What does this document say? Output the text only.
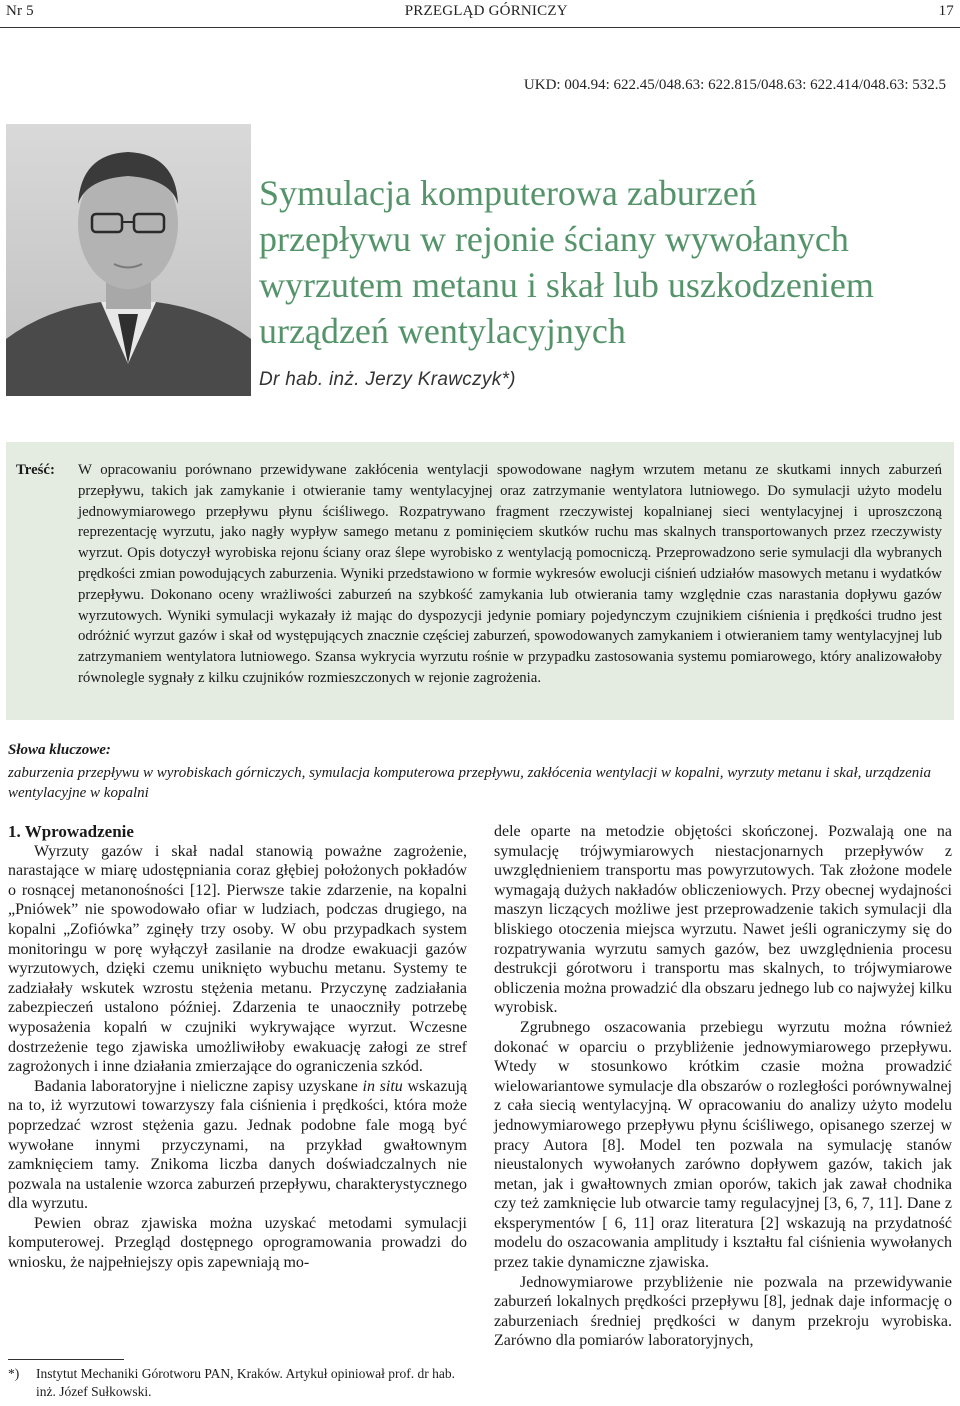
Nr 5	PRZEGLĄD GÓRNICZY	17
UKD: 004.94: 622.45/048.63: 622.815/048.63: 622.414/048.63: 532.5
Symulacja komputerowa zaburzeń
przepływu w rejonie ściany wywołanych
wyrzutem metanu i skał lub uszkodzeniem
urządzeń wentylacyjnych

Dr hab. inż. Jerzy Krawczyk*)

Treść:	W opracowaniu porównano przewidywane zakłócenia wentylacji spowodowane nagłym wrzutem metanu ze skutkami innych zaburzeń przepływu, takich jak zamykanie i otwieranie tamy wentylacyjnej oraz zatrzymanie wentylatora lutniowego. Do symulacji użyto modelu jednowymiarowego przepływu płynu ściśliwego. Rozpatrywano fragment rzeczywistej kopalnianej sieci wentylacyjnej i uproszczoną reprezentację wyrzutu, jako nagły wypływ samego metanu z pominięciem skutków ruchu mas skalnych transportowanych przez rzeczywisty wyrzut. Opis dotyczył wyrobiska rejonu ściany oraz ślepe wyrobisko z wentylacją pomocniczą. Przeprowadzono serie symulacji dla wybranych prędkości zmian powodujących zaburzenia. Wyniki przedstawiono w formie wykresów ewolucji ciśnień udziałów masowych metanu i wydatków przepływu. Dokonano oceny wrażliwości zaburzeń na szybkość zamykania lub otwierania tamy względnie czas narastania dopływu gazów wyrzutowych. Wyniki symulacji wykazały iż mając do dyspozycji jedynie pomiary pojedynczym czujnikiem ciśnienia i prędkości trudno jest odróżnić wyrzut gazów i skał od występujących znacznie częściej zaburzeń, spowodowanych zamykaniem i otwieraniem tamy wentylacyjnej lub zatrzymaniem wentylatora lutniowego. Szansa wykrycia wyrzutu rośnie w przypadku zastosowania systemu pomiarowego, który analizowałoby równolegle sygnały z kilku czujników rozmieszczonych w rejonie zagrożenia.

Słowa kluczowe:

zaburzenia przepływu w wyrobiskach górniczych, symulacja komputerowa przepływu, zakłócenia wentylacji w kopalni, wyrzuty metanu i skał, urządzenia wentylacyjne w kopalni

1. Wprowadzenie

Wyrzuty gazów i skał nadal stanowią poważne zagrożenie, narastające w miarę udostępniania coraz głębiej położonych pokładów o rosnącej metanonośności [12]. Pierwsze takie zdarzenie, na kopalni „Pniówek” nie spowodowało ofiar w ludziach, podczas drugiego, na kopalni „Zofiówka” zginęły trzy osoby. W obu przypadkach system monitoringu w porę wyłączył zasilanie na drodze ewakuacji gazów wyrzutowych, dzięki czemu uniknięto wybuchu metanu. Systemy te zadziałały wskutek wzrostu stężenia metanu. Przyczynę zadziałania zabezpieczeń ustalono później. Zdarzenia te unaoczniły potrzebę wyposażenia kopalń w czujniki wykrywające wyrzut. Wczesne dostrzeżenie tego zjawiska umożliwiłoby ewakuację załogi ze stref zagrożonych i inne działania zmierzające do ograniczenia szkód.

Badania laboratoryjne i nieliczne zapisy uzyskane in situ wskazują na to, iż wyrzutowi towarzyszy fala ciśnienia i prędkości, która może poprzedzać wzrost stężenia gazu. Jednak podobne fale mogą być wywołane innymi przyczynami, na przykład gwałtownym zamknięciem tamy. Znikoma liczba danych doświadczalnych nie pozwala na ustalenie wzorca zaburzeń przepływu, charakterystycznego dla wyrzutu.

Pewien obraz zjawiska można uzyskać metodami symulacji komputerowej. Przegląd dostępnego oprogramowania prowadzi do wniosku, że najpełniejszy opis zapewniają mo-

dele oparte na metodzie objętości skończonej. Pozwalają one na symulację trójwymiarowych niestacjonarnych przepływów z uwzględnieniem transportu mas powyrzutowych. Tak złożone modele wymagają dużych nakładów obliczeniowych. Przy obecnej wydajności maszyn liczących możliwe jest przeprowadzenie takich symulacji dla bliskiego otoczenia miejsca wyrzutu. Nawet jeśli ograniczymy się do rozpatrywania wyrzutu samych gazów, bez uwzględnienia procesu destrukcji górotworu i transportu mas skalnych, to trójwymiarowe obliczenia można prowadzić dla obszaru jednego lub co najwyżej kilku wyrobisk.

Zgrubnego oszacowania przebiegu wyrzutu można również dokonać w oparciu o przybliżenie jednowymiarowego przepływu. Wtedy w stosunkowo krótkim czasie można prowadzić wielowariantowe symulacje dla obszarów o rozległości porównywalnej z cała siecią wentylacyjną. W opracowaniu do analizy użyto modelu jednowymiarowego przepływu płynu ściśliwego, opisanego szerzej w pracy Autora [8]. Model ten pozwala na symulację stanów nieustalonych wywołanych zarówno dopływem gazów, takich jak metan, jak i gwałtownych zmian oporów, takich jak zawał chodnika czy też zamknięcie lub otwarcie tamy regulacyjnej [3, 6, 7, 11]. Dane z eksperymentów [ 6, 11] oraz literatura [2] wskazują na przydatność modelu do oszacowania amplitudy i kształtu fal ciśnienia wywołanych przez takie dynamiczne zjawiska.

Jednowymiarowe przybliżenie nie pozwala na przewidywanie zaburzeń lokalnych prędkości przepływu [8], jednak daje informację o zaburzeniach średniej prędkości w danym przekroju wyrobiska. Zarówno dla pomiarów laboratoryjnych,

*)	Instytut Mechaniki Górotworu PAN, Kraków. Artykuł opiniował prof. dr hab. inż. Józef Sułkowski.
